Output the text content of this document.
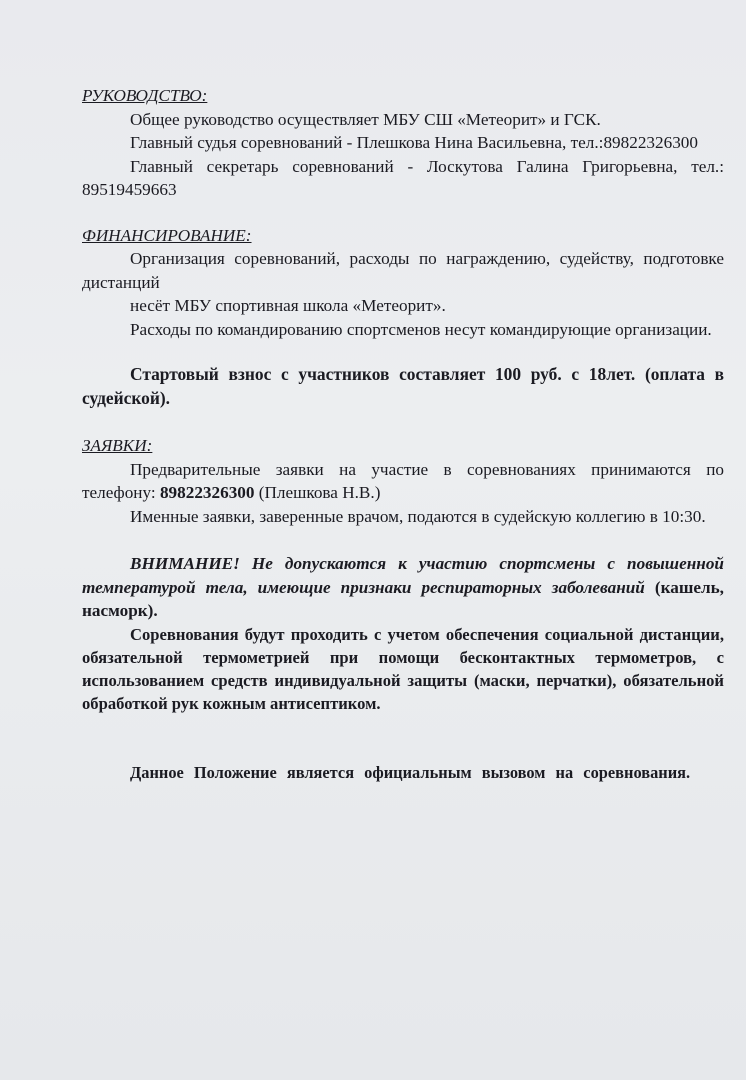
РУКОВОДСТВО:

Общее руководство осуществляет МБУ СШ «Метеорит» и ГСК.

Главный судья соревнований - Плешкова Нина Васильевна, тел.:89822326300

Главный секретарь соревнований - Лоскутова Галина Григорьевна, тел.: 89519459663

ФИНАНСИРОВАНИЕ:

Организация соревнований, расходы по награждению, судейству, подготовке дистанций

несёт МБУ спортивная школа «Метеорит».

Расходы по командированию спортсменов несут командирующие организации.

Стартовый взнос с участников составляет 100 руб. с 18лет. (оплата в судейской).

ЗАЯВКИ:

Предварительные заявки на участие в соревнованиях принимаются по телефону: 89822326300 (Плешкова Н.В.)

Именные заявки, заверенные врачом, подаются в судейскую коллегию в 10:30.

ВНИМАНИЕ! Не допускаются к участию спортсмены с повышенной температурой тела, имеющие признаки респираторных заболеваний (кашель, насморк).

Соревнования будут проходить с учетом обеспечения социальной дистанции, обязательной термометрией при помощи бесконтактных термометров, с использованием средств индивидуальной защиты (маски, перчатки), обязательной обработкой рук кожным антисептиком.

Данное Положение является официальным вызовом на соревнования.
